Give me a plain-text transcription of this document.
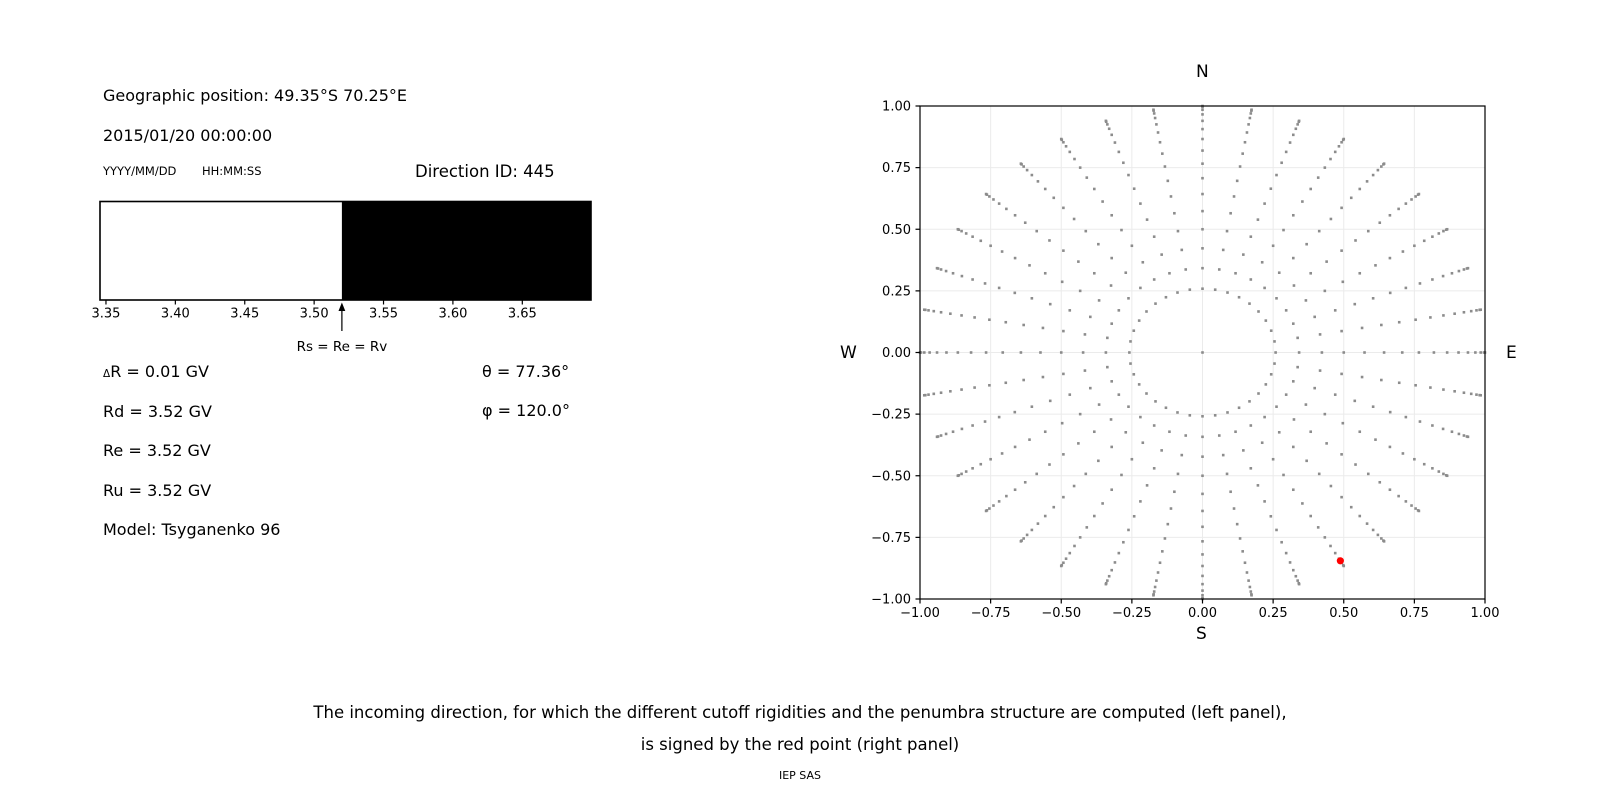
Geographic position: 49.35°S 70.25°E
2015/01/20 00:00:00
YYYY/MM/DD HH:MM:SS	Direction ID: 445
3.35	3.40	3.45	3.50	3.55	3.60	3.65
Rs = Re = Rv
ΔR = 0.01 GV
Rd = 3.52 GV
Re = 3.52 GV
Ru = 3.52 GV
Model: Tsyganenko 96
θ = 77.36°
φ = 120.0°
−1.00 −0.75 −0.50 −0.25	0.00	0.25	0.50	0.75	1.00
1.00
0.75
0.50
0.25
0.00
−0.25
−0.50
−0.75
−1.00
N
S
W	E
The incoming direction, for which the different cutoff rigidities and the penumbra structure are computed (left panel),
is signed by the red point (right panel)
IEP SAS
